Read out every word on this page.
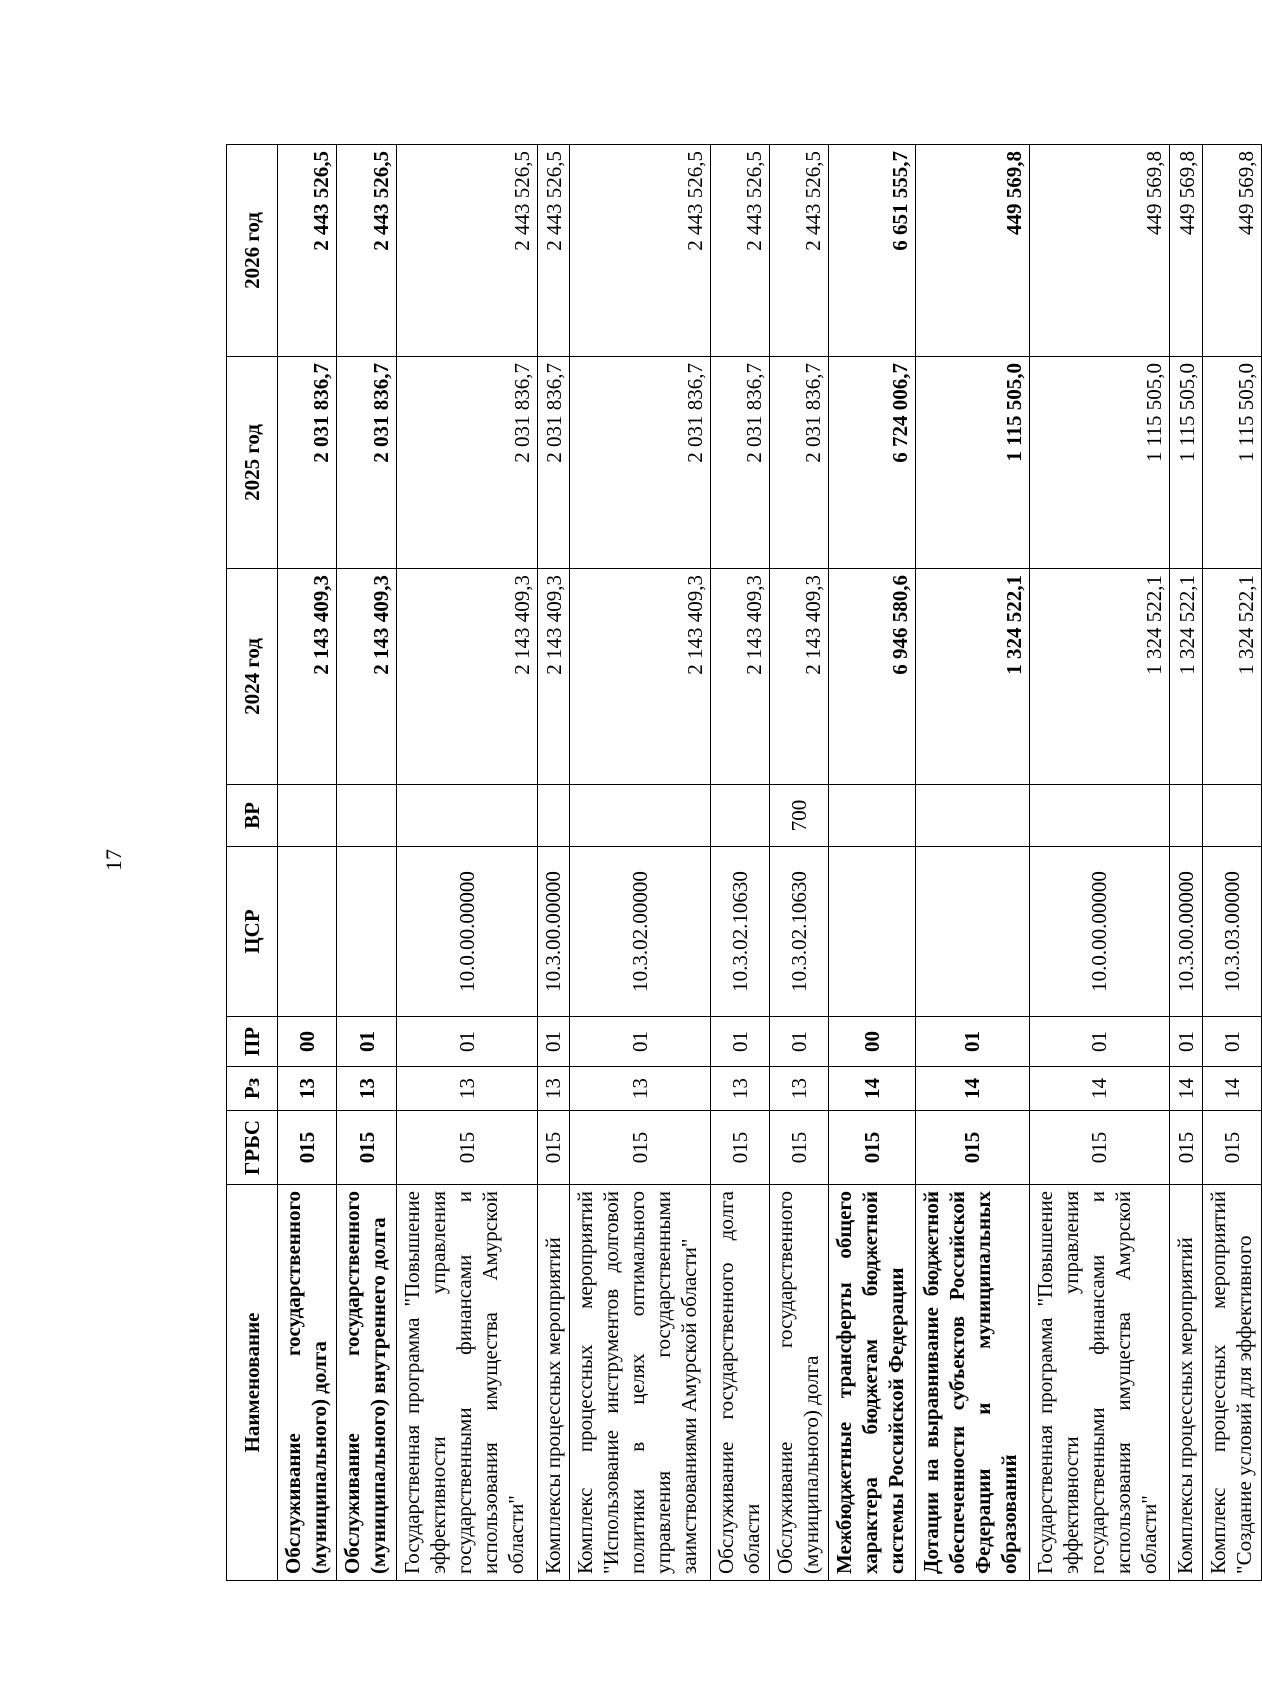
17
Наименование	ГРБС	Рз	ПР	ЦСР	ВР	2024 год	2025 год	2026 год
Обслуживание государственного (муниципального) долга	015	13	00			2 143 409,3	2 031 836,7	2 443 526,5
Обслуживание государственного (муниципального) внутреннего долга	015	13	01			2 143 409,3	2 031 836,7	2 443 526,5
Государственная программа "Повышение эффективности управления государственными финансами и использования имущества Амурской области"	015	13	01	10.0.00.00000		2 143 409,3	2 031 836,7	2 443 526,5
Комплексы процессных мероприятий	015	13	01	10.3.00.00000		2 143 409,3	2 031 836,7	2 443 526,5
Комплекс процессных мероприятий "Использование инструментов долговой политики в целях оптимального управления государственными заимствованиями Амурской области"	015	13	01	10.3.02.00000		2 143 409,3	2 031 836,7	2 443 526,5
Обслуживание государственного долга области	015	13	01	10.3.02.10630		2 143 409,3	2 031 836,7	2 443 526,5
Обслуживание государственного (муниципального) долга	015	13	01	10.3.02.10630	700	2 143 409,3	2 031 836,7	2 443 526,5
Межбюджетные трансферты общего характера бюджетам бюджетной системы Российской Федерации	015	14	00			6 946 580,6	6 724 006,7	6 651 555,7
Дотации на выравнивание бюджетной обеспеченности субъектов Российской Федерации и муниципальных образований	015	14	01			1 324 522,1	1 115 505,0	449 569,8
Государственная программа "Повышение эффективности управления государственными финансами и использования имущества Амурской области"	015	14	01	10.0.00.00000		1 324 522,1	1 115 505,0	449 569,8
Комплексы процессных мероприятий	015	14	01	10.3.00.00000		1 324 522,1	1 115 505,0	449 569,8
Комплекс процессных мероприятий "Создание условий для эффективного	015	14	01	10.3.03.00000		1 324 522,1	1 115 505,0	449 569,8
